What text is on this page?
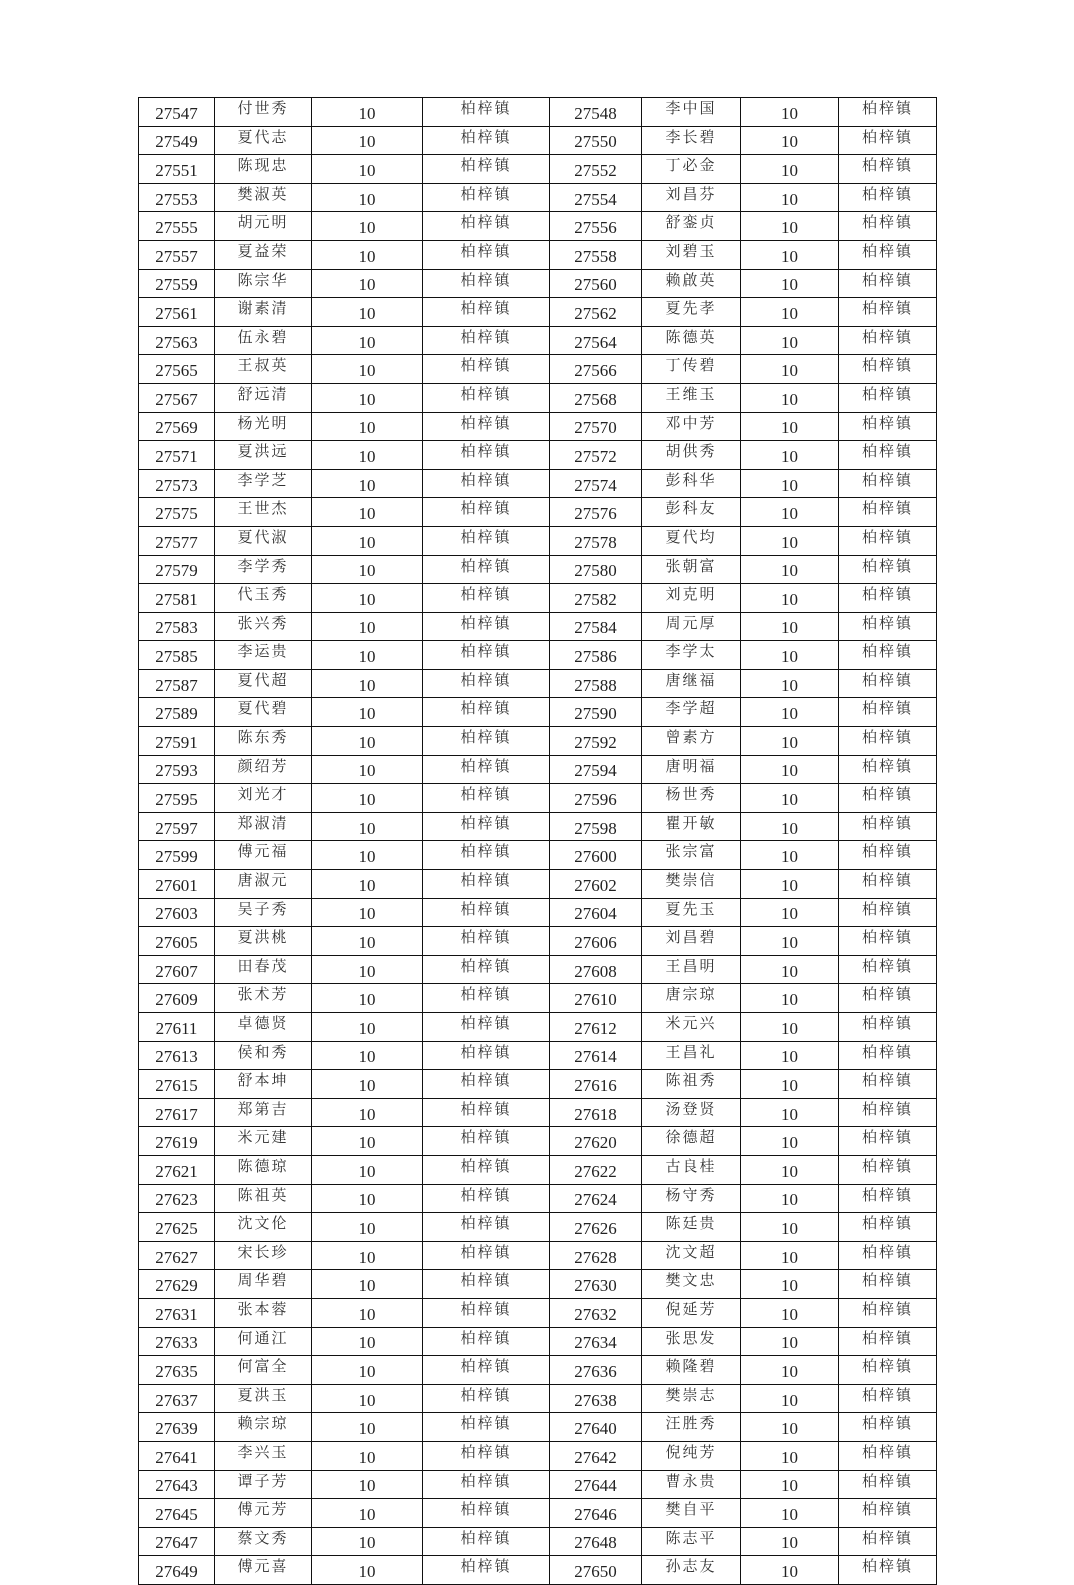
27547	付世秀	10	柏梓镇	27548	李中国	10	柏梓镇
27549	夏代志	10	柏梓镇	27550	李长碧	10	柏梓镇
27551	陈现忠	10	柏梓镇	27552	丁必金	10	柏梓镇
27553	樊淑英	10	柏梓镇	27554	刘昌芬	10	柏梓镇
27555	胡元明	10	柏梓镇	27556	舒銮贞	10	柏梓镇
27557	夏益荣	10	柏梓镇	27558	刘碧玉	10	柏梓镇
27559	陈宗华	10	柏梓镇	27560	赖啟英	10	柏梓镇
27561	谢素清	10	柏梓镇	27562	夏先孝	10	柏梓镇
27563	伍永碧	10	柏梓镇	27564	陈德英	10	柏梓镇
27565	王叔英	10	柏梓镇	27566	丁传碧	10	柏梓镇
27567	舒远清	10	柏梓镇	27568	王维玉	10	柏梓镇
27569	杨光明	10	柏梓镇	27570	邓中芳	10	柏梓镇
27571	夏洪远	10	柏梓镇	27572	胡供秀	10	柏梓镇
27573	李学芝	10	柏梓镇	27574	彭科华	10	柏梓镇
27575	王世杰	10	柏梓镇	27576	彭科友	10	柏梓镇
27577	夏代淑	10	柏梓镇	27578	夏代均	10	柏梓镇
27579	李学秀	10	柏梓镇	27580	张朝富	10	柏梓镇
27581	代玉秀	10	柏梓镇	27582	刘克明	10	柏梓镇
27583	张兴秀	10	柏梓镇	27584	周元厚	10	柏梓镇
27585	李运贵	10	柏梓镇	27586	李学太	10	柏梓镇
27587	夏代超	10	柏梓镇	27588	唐继福	10	柏梓镇
27589	夏代碧	10	柏梓镇	27590	李学超	10	柏梓镇
27591	陈东秀	10	柏梓镇	27592	曾素方	10	柏梓镇
27593	颜绍芳	10	柏梓镇	27594	唐明福	10	柏梓镇
27595	刘光才	10	柏梓镇	27596	杨世秀	10	柏梓镇
27597	郑淑清	10	柏梓镇	27598	瞿开敏	10	柏梓镇
27599	傅元福	10	柏梓镇	27600	张宗富	10	柏梓镇
27601	唐淑元	10	柏梓镇	27602	樊崇信	10	柏梓镇
27603	吴子秀	10	柏梓镇	27604	夏先玉	10	柏梓镇
27605	夏洪桃	10	柏梓镇	27606	刘昌碧	10	柏梓镇
27607	田春茂	10	柏梓镇	27608	王昌明	10	柏梓镇
27609	张术芳	10	柏梓镇	27610	唐宗琼	10	柏梓镇
27611	卓德贤	10	柏梓镇	27612	米元兴	10	柏梓镇
27613	侯和秀	10	柏梓镇	27614	王昌礼	10	柏梓镇
27615	舒本坤	10	柏梓镇	27616	陈祖秀	10	柏梓镇
27617	郑第吉	10	柏梓镇	27618	汤登贤	10	柏梓镇
27619	米元建	10	柏梓镇	27620	徐德超	10	柏梓镇
27621	陈德琼	10	柏梓镇	27622	古良桂	10	柏梓镇
27623	陈祖英	10	柏梓镇	27624	杨守秀	10	柏梓镇
27625	沈文伦	10	柏梓镇	27626	陈廷贵	10	柏梓镇
27627	宋长珍	10	柏梓镇	27628	沈文超	10	柏梓镇
27629	周华碧	10	柏梓镇	27630	樊文忠	10	柏梓镇
27631	张本蓉	10	柏梓镇	27632	倪延芳	10	柏梓镇
27633	何通江	10	柏梓镇	27634	张思发	10	柏梓镇
27635	何富全	10	柏梓镇	27636	赖隆碧	10	柏梓镇
27637	夏洪玉	10	柏梓镇	27638	樊崇志	10	柏梓镇
27639	赖宗琼	10	柏梓镇	27640	汪胜秀	10	柏梓镇
27641	李兴玉	10	柏梓镇	27642	倪纯芳	10	柏梓镇
27643	谭子芳	10	柏梓镇	27644	曹永贵	10	柏梓镇
27645	傅元芳	10	柏梓镇	27646	樊自平	10	柏梓镇
27647	蔡文秀	10	柏梓镇	27648	陈志平	10	柏梓镇
27649	傅元喜	10	柏梓镇	27650	孙志友	10	柏梓镇
